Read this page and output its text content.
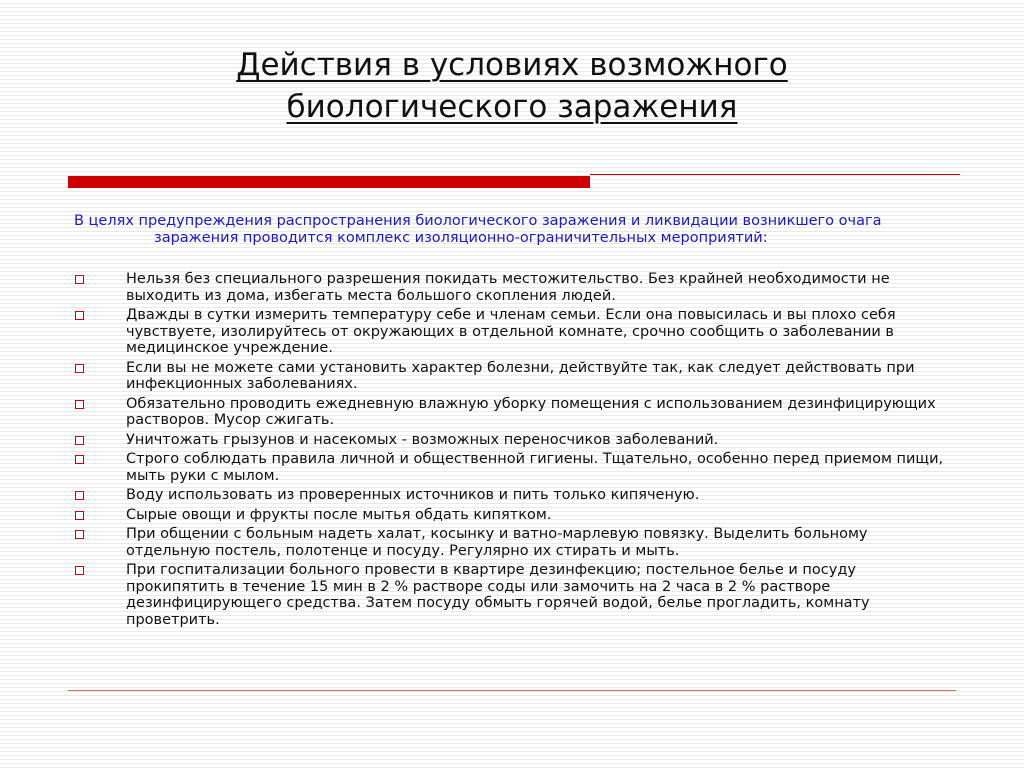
Действия в условиях возможного
биологического заражения
В целях предупреждения распространения биологического заражения и ликвидации возникшего очага заражения проводится комплекс изоляционно-ограничительных мероприятий:
Нельзя без специального разрешения покидать местожительство. Без крайней необходимости не выходить из дома, избегать места большого скопления людей.
Дважды в сутки измерить температуру себе и членам семьи. Если она повысилась и вы плохо себя чувствуете, изолируйтесь от окружающих в отдельной комнате, срочно сообщить о заболевании в медицинское учреждение.
Если вы не можете сами установить характер болезни, действуйте так, как следует действовать при инфекционных заболеваниях.
Обязательно проводить ежедневную влажную уборку помещения с использованием дезинфицирующих растворов. Мусор сжигать.
Уничтожать грызунов и насекомых - возможных переносчиков заболеваний.
Строго соблюдать правила личной и общественной гигиены. Тщательно, особенно перед приемом пищи, мыть руки с мылом.
Воду использовать из проверенных источников и пить только кипяченую.
Сырые овощи и фрукты после мытья обдать кипятком.
При общении с больным надеть халат, косынку и ватно-марлевую повязку. Выделить больному отдельную постель, полотенце и посуду. Регулярно их стирать и мыть.
При госпитализации больного провести в квартире дезинфекцию; постельное белье и посуду прокипятить в течение 15 мин в 2 % растворе соды или замочить на 2 часа в 2 % растворе дезинфицирующего средства. Затем посуду обмыть горячей водой, белье прогладить, комнату проветрить.
